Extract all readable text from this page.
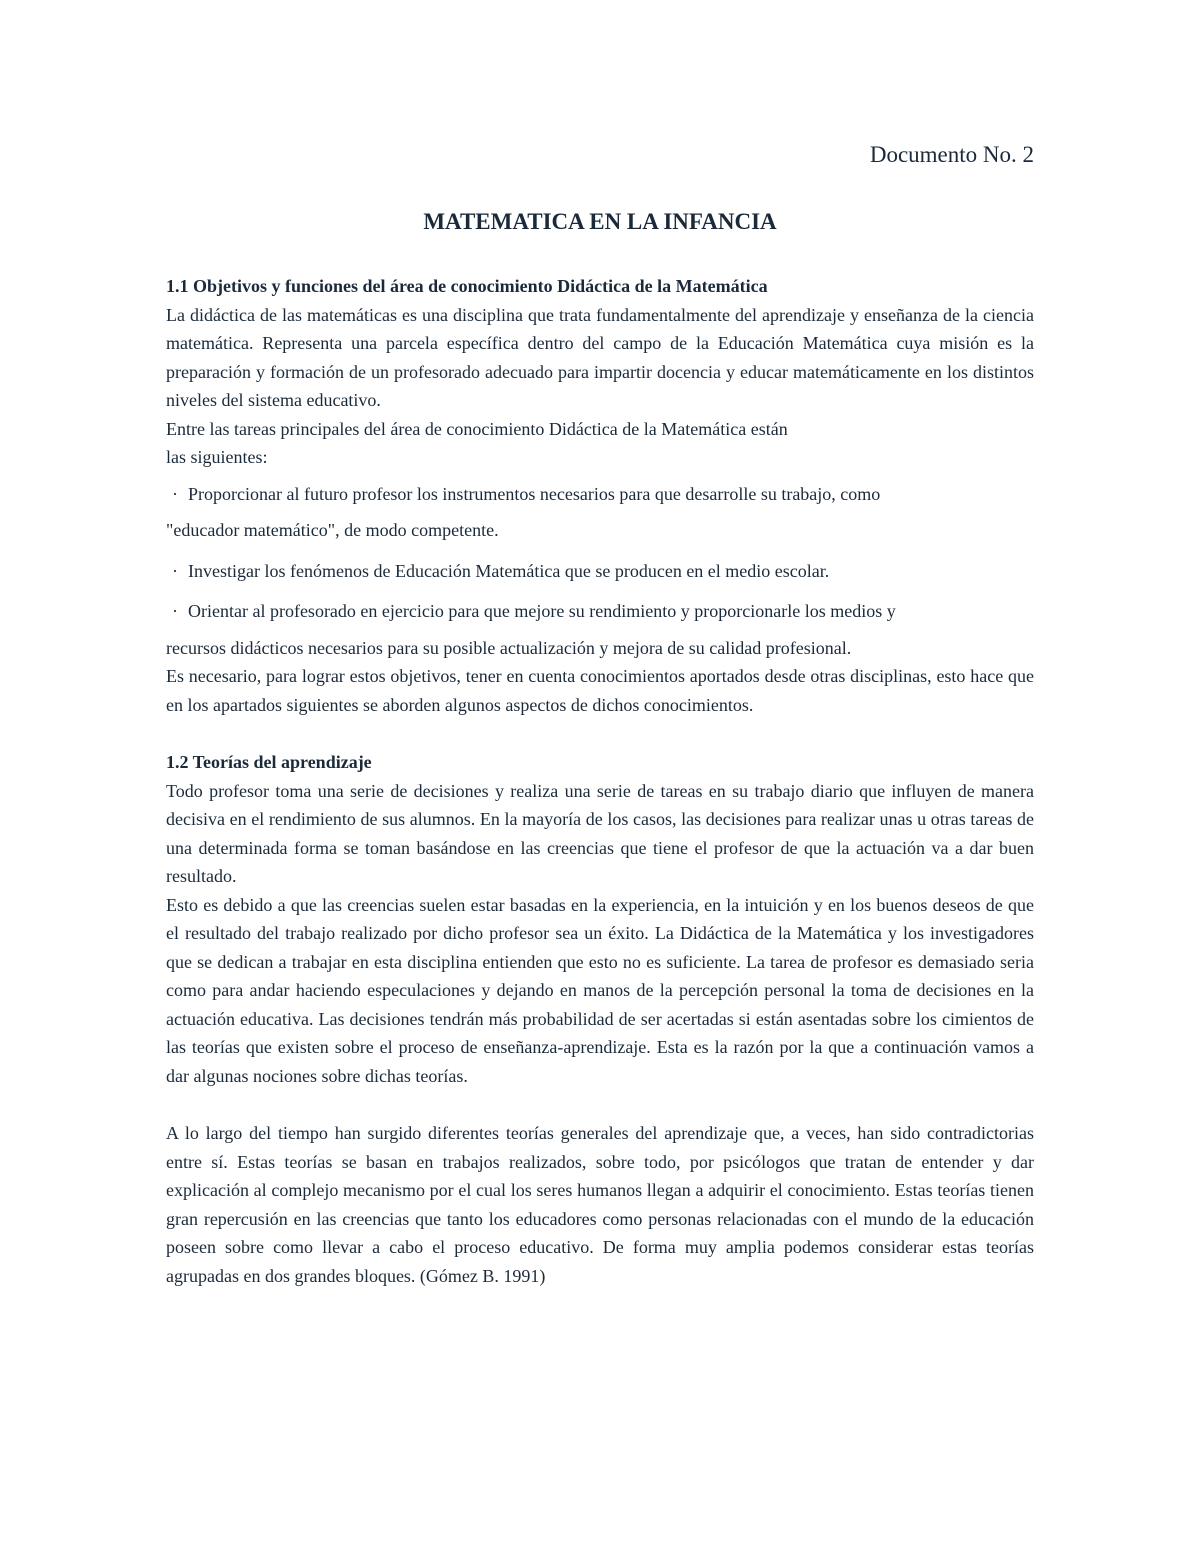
Documento No. 2
MATEMATICA EN LA INFANCIA

1.1 Objetivos y funciones del área de conocimiento Didáctica de la Matemática

La didáctica de las matemáticas es una disciplina que trata fundamentalmente del aprendizaje y enseñanza de la ciencia matemática. Representa una parcela específica dentro del campo de la Educación Matemática cuya misión es la preparación y formación de un profesorado adecuado para impartir docencia y educar matemáticamente en los distintos niveles del sistema educativo.

Entre las tareas principales del área de conocimiento Didáctica de la Matemática están

las siguientes:

· Proporcionar al futuro profesor los instrumentos necesarios para que desarrolle su trabajo, como

"educador matemático", de modo competente.

· Investigar los fenómenos de Educación Matemática que se producen en el medio escolar.

· Orientar al profesorado en ejercicio para que mejore su rendimiento y proporcionarle los medios y

recursos didácticos necesarios para su posible actualización y mejora de su calidad profesional.

Es necesario, para lograr estos objetivos, tener en cuenta conocimientos aportados desde otras disciplinas, esto hace que en los apartados siguientes se aborden algunos aspectos de dichos conocimientos.

1.2 Teorías del aprendizaje

Todo profesor toma una serie de decisiones y realiza una serie de tareas en su trabajo diario que influyen de manera decisiva en el rendimiento de sus alumnos. En la mayoría de los casos, las decisiones para realizar unas u otras tareas de una determinada forma se toman basándose en las creencias que tiene el profesor de que la actuación va a dar buen resultado.

Esto es debido a que las creencias suelen estar basadas en la experiencia, en la intuición y en los buenos deseos de que el resultado del trabajo realizado por dicho profesor sea un éxito. La Didáctica de la Matemática y los investigadores que se dedican a trabajar en esta disciplina entienden que esto no es suficiente. La tarea de profesor es demasiado seria como para andar haciendo especulaciones y dejando en manos de la percepción personal la toma de decisiones en la actuación educativa. Las decisiones tendrán más probabilidad de ser acertadas si están asentadas sobre los cimientos de las teorías que existen sobre el proceso de enseñanza-aprendizaje. Esta es la razón por la que a continuación vamos a dar algunas nociones sobre dichas teorías.

A lo largo del tiempo han surgido diferentes teorías generales del aprendizaje que, a veces, han sido contradictorias entre sí. Estas teorías se basan en trabajos realizados, sobre todo, por psicólogos que tratan de entender y dar explicación al complejo mecanismo por el cual los seres humanos llegan a adquirir el conocimiento. Estas teorías tienen gran repercusión en las creencias que tanto los educadores como personas relacionadas con el mundo de la educación poseen sobre como llevar a cabo el proceso educativo. De forma muy amplia podemos considerar estas teorías agrupadas en dos grandes bloques. (Gómez B. 1991)
